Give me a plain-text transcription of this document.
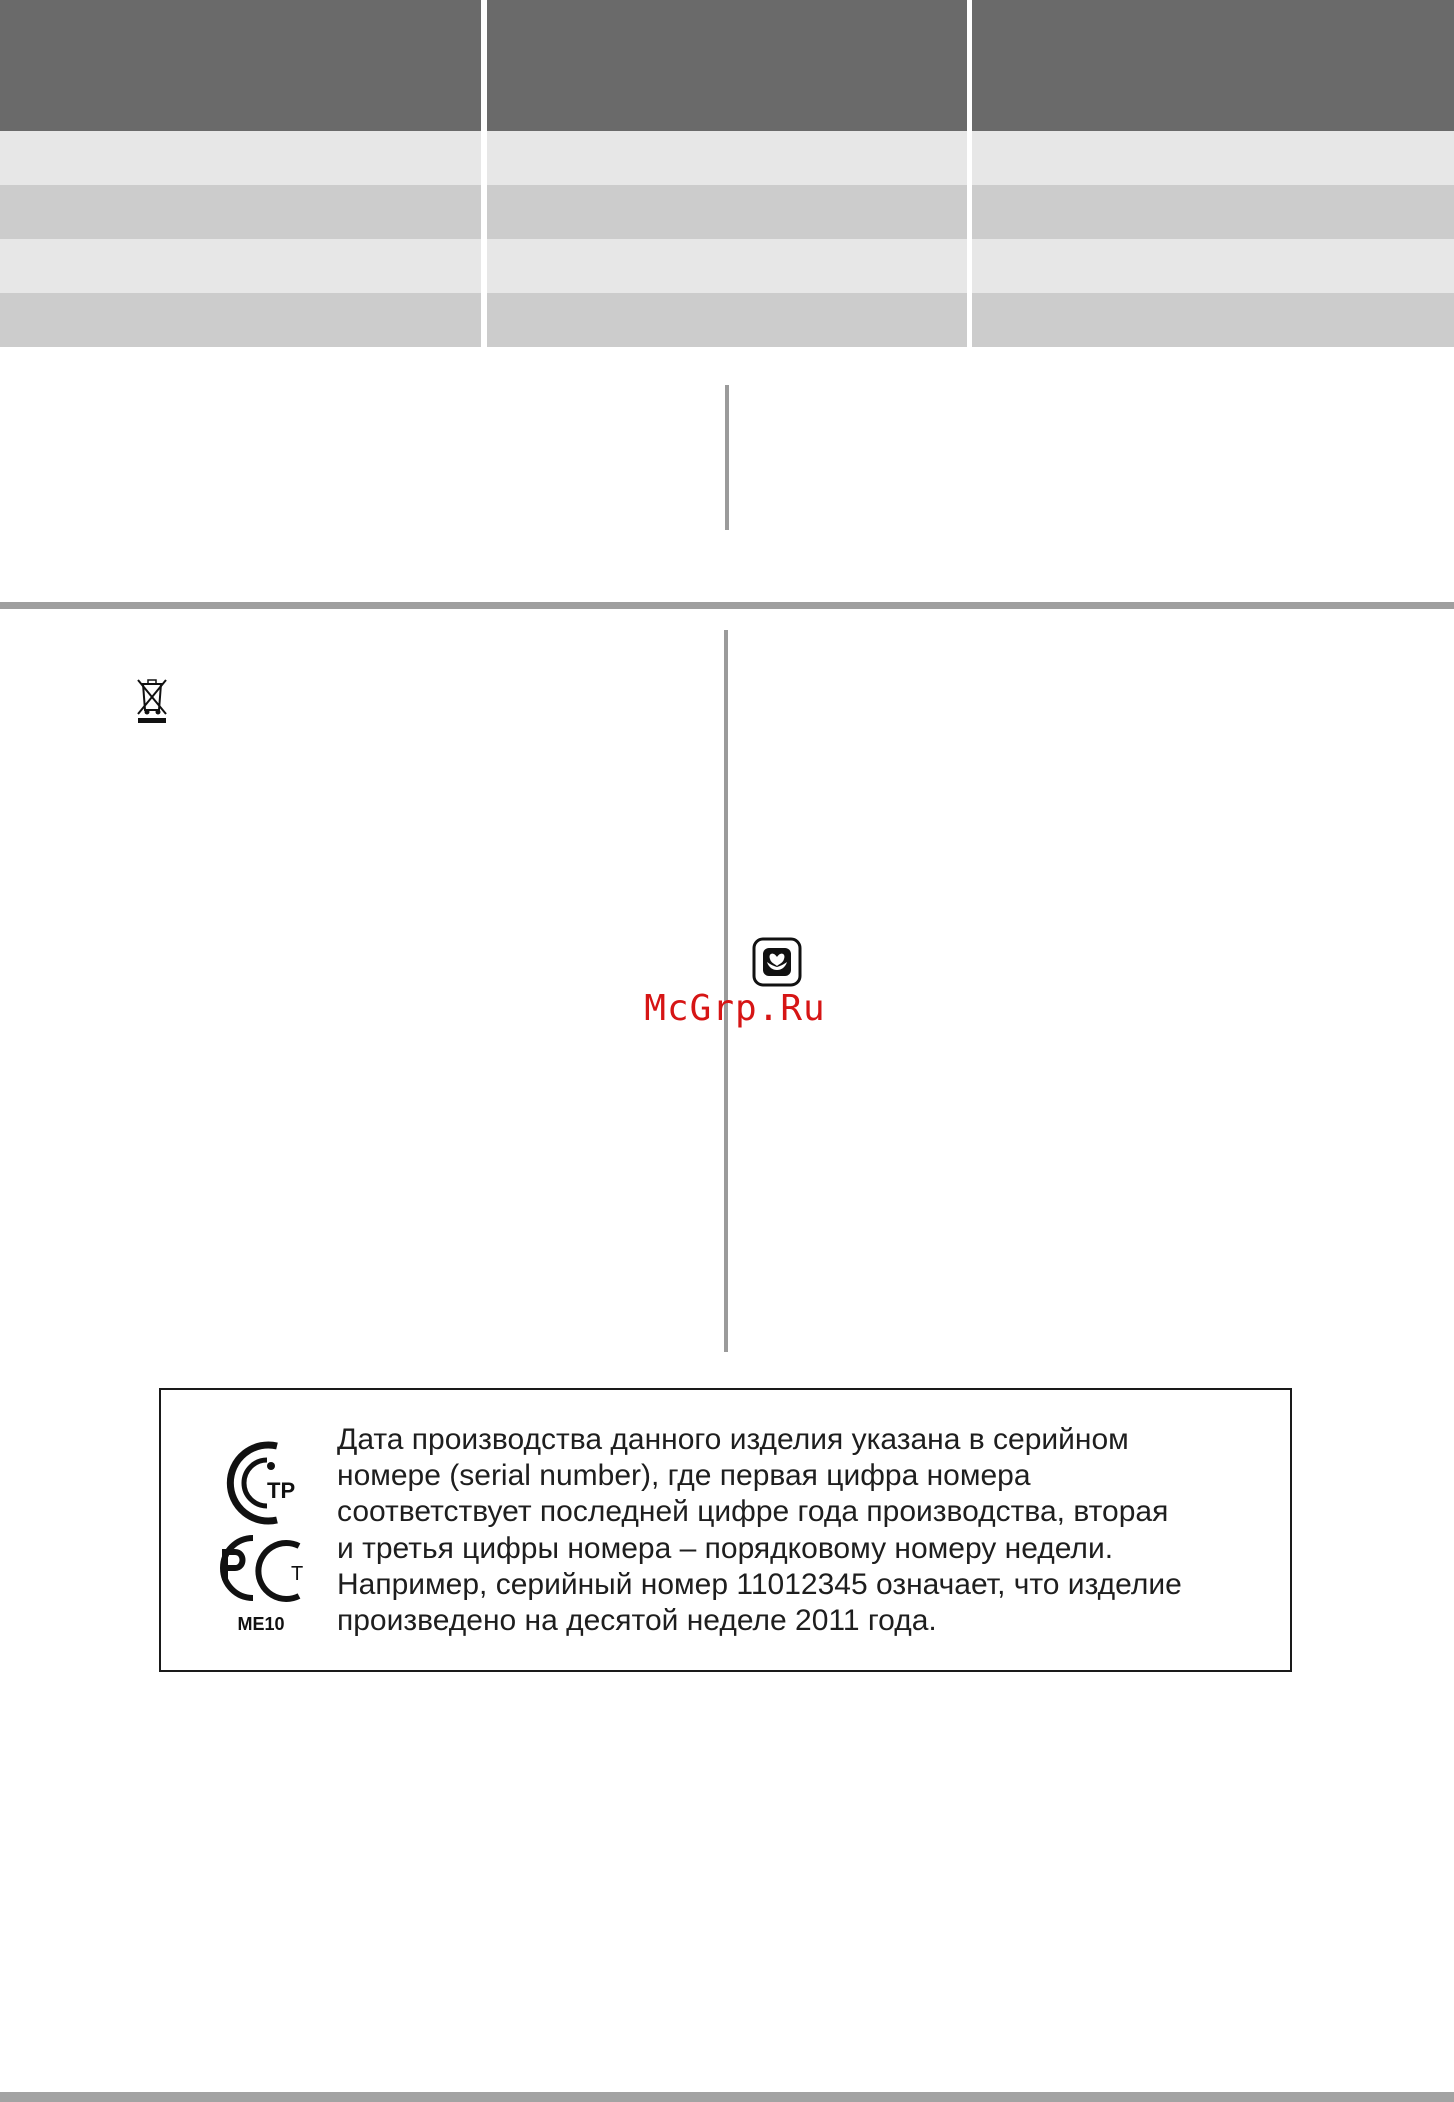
McGrp.Ru
ТР
Т
ME10
Дата производства данного изделия указана в серийном
номере (serial number), где первая цифра номера
соответствует последней цифре года производства, вторая
и третья цифры номера – порядковому номеру недели.
Например, серийный номер 11012345 означает, что изделие
произведено на десятой неделе 2011 года.
